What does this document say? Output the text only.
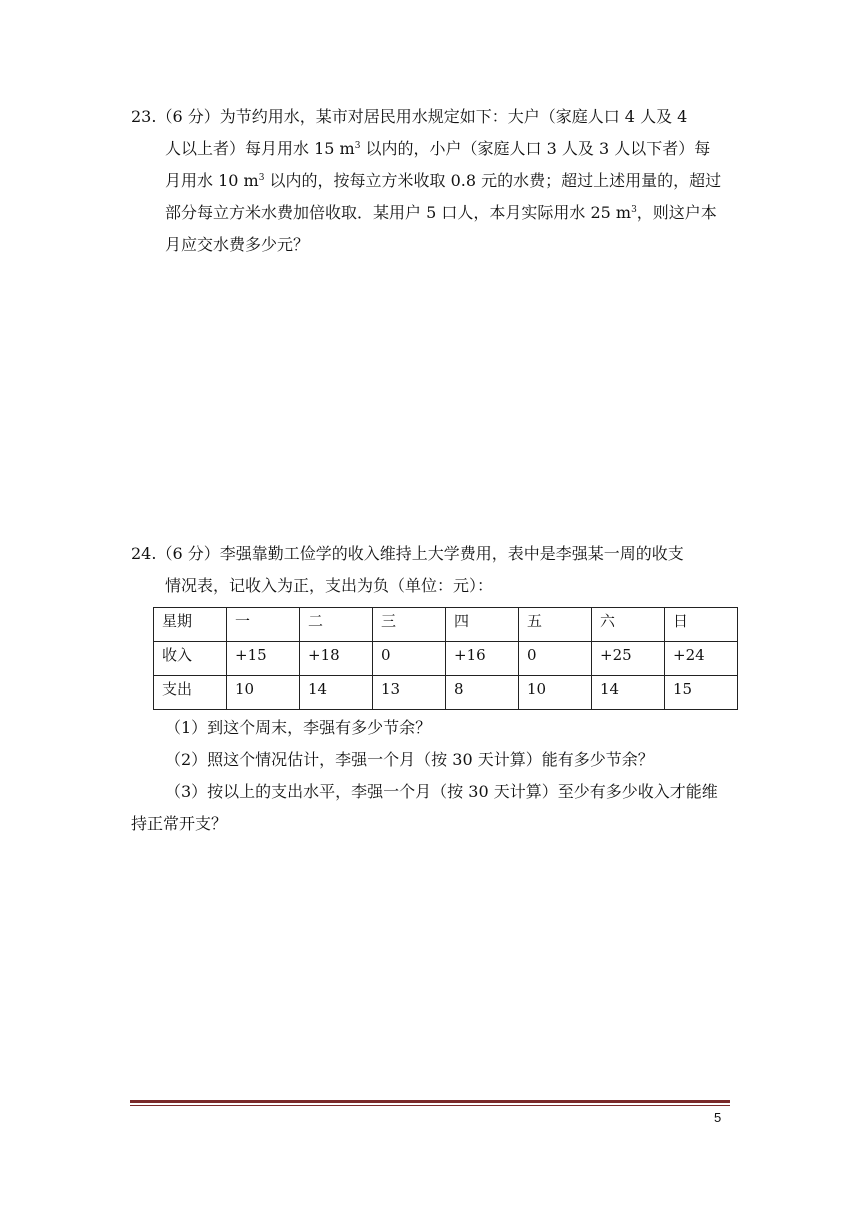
23.（6 分）为节约用水，某市对居民用水规定如下：大户（家庭人口 4 人及 4

人以上者）每月用水 15 $m^3$ 以内的，小户（家庭人口 3 人及 3 人以下者）每

月用水 10 $m^3$ 以内的，按每立方米收取 0.8 元的水费；超过上述用量的，超过

部分每立方米水费加倍收取．某用户 5 口人，本月实际用水 25 $m^3$，则这户本

月应交水费多少元？

24.（6 分）李强靠勤工俭学的收入维持上大学费用，表中是李强某一周的收支

情况表，记收入为正，支出为负（单位：元）：

星期	一	二	三	四	五	六	日
收入	+15	+18	0	+16	0	+25	+24
支出	10	14	13	8	10	14	15

（1）到这个周末，李强有多少节余？

（2）照这个情况估计，李强一个月（按 30 天计算）能有多少节余？

（3）按以上的支出水平，李强一个月（按 30 天计算）至少有多少收入才能维

持正常开支？

5
